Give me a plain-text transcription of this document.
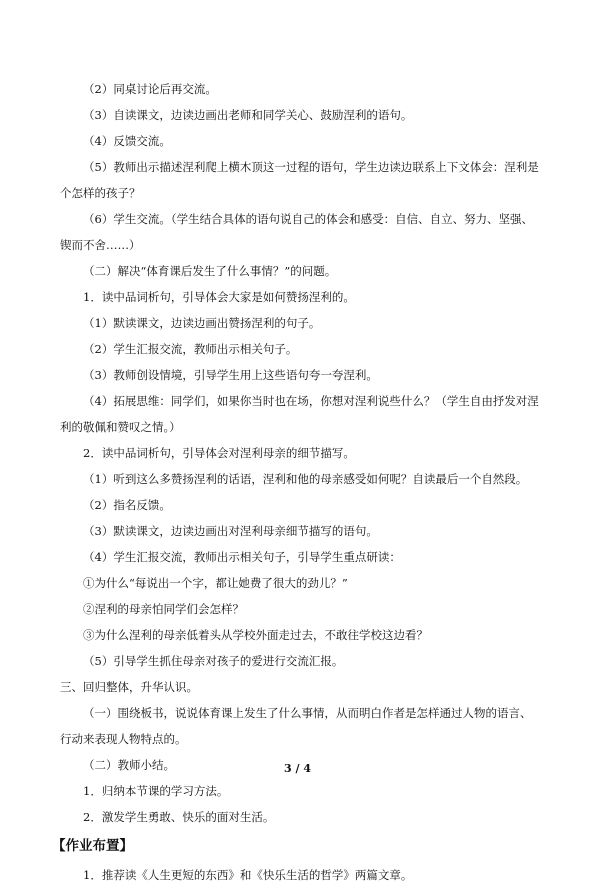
（2）同桌讨论后再交流。

（3）自读课文，边读边画出老师和同学关心、鼓励涅利的语句。

（4）反馈交流。

（5）教师出示描述涅利爬上横木顶这一过程的语句，学生边读边联系上下文体会：涅利是个怎样的孩子？

（6）学生交流。（学生结合具体的语句说自己的体会和感受：自信、自立、努力、坚强、锲而不舍……）

（二）解决“体育课后发生了什么事情？”的问题。

1．读中品词析句，引导体会大家是如何赞扬涅利的。

（1）默读课文，边读边画出赞扬涅利的句子。

（2）学生汇报交流，教师出示相关句子。

（3）教师创设情境，引导学生用上这些语句夸一夸涅利。

（4）拓展思维：同学们，如果你当时也在场，你想对涅利说些什么？（学生自由抒发对涅利的敬佩和赞叹之情。）

2．读中品词析句，引导体会对涅利母亲的细节描写。

（1）听到这么多赞扬涅利的话语，涅利和他的母亲感受如何呢？自读最后一个自然段。

（2）指名反馈。

（3）默读课文，边读边画出对涅利母亲细节描写的语句。

（4）学生汇报交流，教师出示相关句子，引导学生重点研读：

①为什么“每说出一个字，都让她费了很大的劲儿？”

②涅利的母亲怕同学们会怎样？

③为什么涅利的母亲低着头从学校外面走过去，不敢往学校这边看？

（5）引导学生抓住母亲对孩子的爱进行交流汇报。

三、回归整体，升华认识。

（一）围绕板书，说说体育课上发生了什么事情，从而明白作者是怎样通过人物的语言、行动来表现人物特点的。

（二）教师小结。

1．归纳本节课的学习方法。

2．激发学生勇敢、快乐的面对生活。

【作业布置】

1．推荐读《人生更短的东西》和《快乐生活的哲学》两篇文章。

3 / 4
